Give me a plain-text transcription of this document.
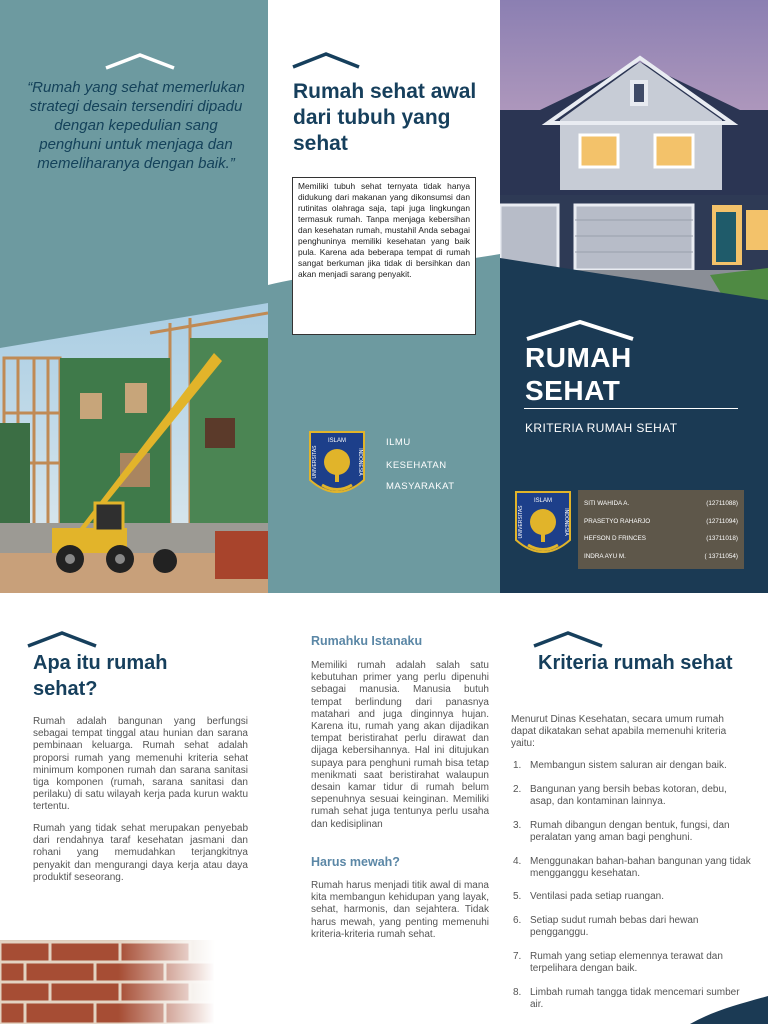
“Rumah yang sehat memerlukan strategi desain tersendiri dipadu dengan kepedulian sang penghuni untuk menjaga dan memeliharanya dengan baik.”

Rumah sehat awal dari tubuh yang sehat

Memiliki tubuh sehat ternyata tidak hanya didukung dari makanan yang dikonsumsi dan rutinitas olahraga saja, tapi juga lingkungan termasuk rumah. Tanpa menjaga kebersihan dan kesehatan rumah, mustahil Anda sebagai penghuninya memiliki kesehatan yang baik pula. Karena ada beberapa tempat di rumah sangat berkuman jika tidak di bersihkan dan akan menjadi sarang penyakit.

ISLAM
UNIVERSITAS	INDONESIA
ILMU
KESEHATAN
MASYARAKAT
RUMAH
SEHAT
KRITERIA RUMAH SEHAT
ISLAM
UNIVERSITAS	INDONESIA
SITI WAHIDA A.	(12711088)
PRASETYO RAHARJO	(12711094)
HEFSON D FRINCES	(13711018)
INDRA AYU M.	( 13711054)
Apa itu rumah sehat?

Rumah adalah bangunan yang berfungsi sebagai tempat tinggal atau hunian dan sarana pembinaan keluarga. Rumah sehat adalah proporsi rumah yang memenuhi kriteria sehat minimum komponen rumah dan sarana sanitasi tiga komponen (rumah, sarana sanitasi dan perilaku) di satu wilayah kerja pada kurun waktu tertentu.

Rumah yang tidak sehat merupakan penyebab dari rendahnya taraf kesehatan jasmani dan rohani yang memudahkan terjangkitnya penyakit dan mengurangi daya kerja atau daya produktif seseorang.

Rumahku Istanaku

Memiliki rumah adalah salah satu kebutuhan primer yang perlu dipenuhi sebagai manusia. Manusia butuh tempat berlindung dari panasnya matahari and juga dinginnya hujan. Karena itu, rumah yang akan dijadikan tempat beristirahat perlu dirawat dan dijaga kebersihannya. Hal ini ditujukan supaya para penghuni rumah bisa tetap menikmati saat beristirahat walaupun desain kamar tidur di rumah belum sepenuhnya sesuai keinginan. Memiliki rumah sehat juga tentunya perlu usaha dan kedisiplinan

Harus mewah?

Rumah harus menjadi titik awal di mana kita membangun kehidupan yang layak, sehat, harmonis, dan sejahtera. Tidak harus mewah, yang penting memenuhi kriteria-kriteria rumah sehat.

Kriteria rumah sehat

Menurut Dinas Kesehatan, secara umum rumah dapat dikatakan sehat apabila memenuhi kriteria yaitu:

1. Membangun sistem saluran air dengan baik.
2. Bangunan yang bersih bebas kotoran, debu, asap, dan kontaminan lainnya.
3. Rumah dibangun dengan bentuk, fungsi, dan peralatan yang aman bagi penghuni.
4. Menggunakan bahan-bahan bangunan yang tidak mengganggu kesehatan.
5. Ventilasi pada setiap ruangan.
6. Setiap sudut rumah bebas dari hewan pengganggu.
7. Rumah yang setiap elemennya terawat dan terpelihara dengan baik.
8. Limbah rumah tangga tidak mencemari sumber air.
